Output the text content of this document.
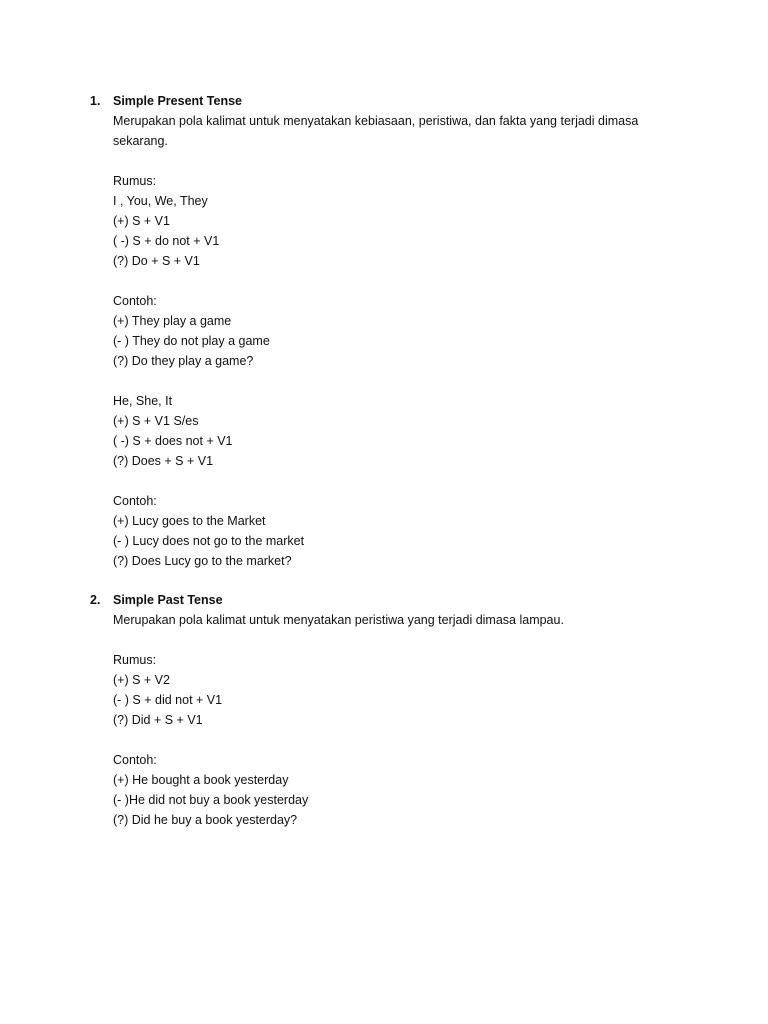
1. Simple Present Tense
Merupakan pola kalimat untuk menyatakan kebiasaan, peristiwa, dan fakta yang terjadi dimasa
sekarang.
Rumus:
I , You, We, They
(+) S + V1
( -) S + do not + V1
(?) Do + S + V1
Contoh:
(+) They play a game
(- ) They do not play a game
(?) Do they play a game?
He, She, It
(+) S + V1 S/es
( -) S + does not + V1
(?) Does + S + V1
Contoh:
(+) Lucy goes to the Market
(- ) Lucy does not go to the market
(?) Does Lucy go to the market?
2. Simple Past Tense
Merupakan pola kalimat untuk menyatakan peristiwa yang terjadi dimasa lampau.
Rumus:
(+) S + V2
(- ) S + did not + V1
(?) Did + S + V1
Contoh:
(+) He bought a book yesterday
(- )He did not buy a book yesterday
(?) Did he buy a book yesterday?
